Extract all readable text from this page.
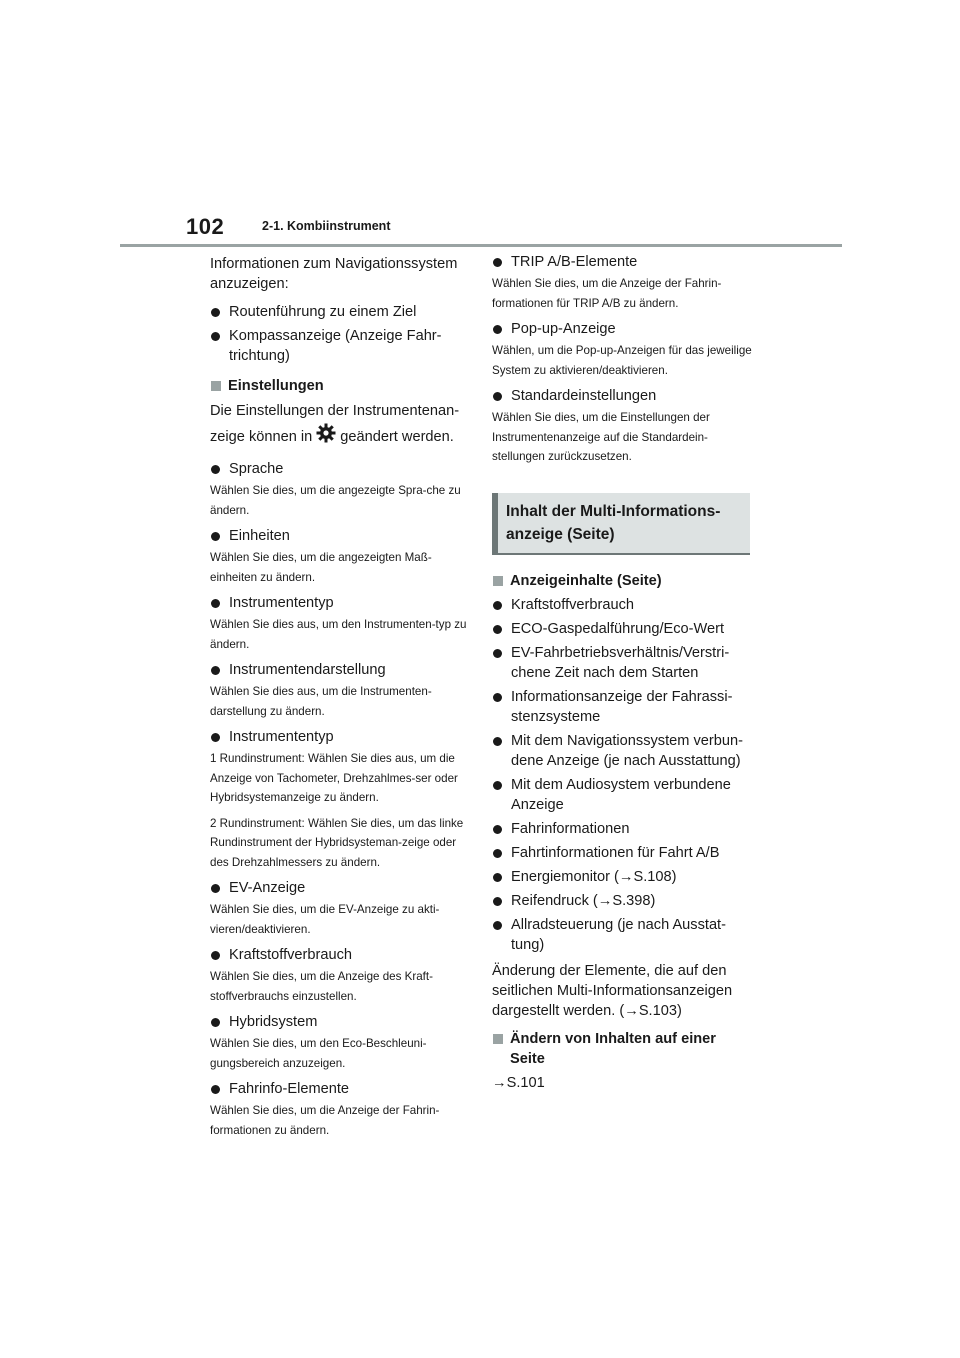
102	2-1. Kombiinstrument

Informationen zum Navigationssystem anzuzeigen:

Routenführung zu einem Ziel
Kompassanzeige (Anzeige Fahr-trichtung)
Einstellungen

Die Einstellungen der Instrumentenan-zeige können in geändert werden.

Sprache

Wählen Sie dies, um die angezeigte Spra-che zu ändern.

Einheiten

Wählen Sie dies, um die angezeigten Maß-einheiten zu ändern.

Instrumententyp

Wählen Sie dies aus, um den Instrumenten-typ zu ändern.

Instrumentendarstellung

Wählen Sie dies aus, um die Instrumenten-darstellung zu ändern.

Instrumententyp

1 Rundinstrument: Wählen Sie dies aus, um die Anzeige von Tachometer, Drehzahlmes-ser oder Hybridsystemanzeige zu ändern.

2 Rundinstrument: Wählen Sie dies, um das linke Rundinstrument der Hybridsysteman-zeige oder des Drehzahlmessers zu ändern.

EV-Anzeige

Wählen Sie dies, um die EV-Anzeige zu akti-vieren/deaktivieren.

Kraftstoffverbrauch

Wählen Sie dies, um die Anzeige des Kraft-stoffverbrauchs einzustellen.

Hybridsystem

Wählen Sie dies, um den Eco-Beschleuni-gungsbereich anzuzeigen.

Fahrinfo-Elemente

Wählen Sie dies, um die Anzeige der Fahrin-formationen zu ändern.

TRIP A/B-Elemente

Wählen Sie dies, um die Anzeige der Fahrin-formationen für TRIP A/B zu ändern.

Pop-up-Anzeige

Wählen, um die Pop-up-Anzeigen für das jeweilige System zu aktivieren/deaktivieren.

Standardeinstellungen

Wählen Sie dies, um die Einstellungen der Instrumentenanzeige auf die Standardein-stellungen zurückzusetzen.

Inhalt der Multi-Informations-anzeige (Seite)
Anzeigeinhalte (Seite)
Kraftstoffverbrauch
ECO-Gaspedalführung/Eco-Wert
EV-Fahrbetriebsverhältnis/Verstri-chene Zeit nach dem Starten
Informationsanzeige der Fahrassi-stenzsysteme
Mit dem Navigationssystem verbun-dene Anzeige (je nach Ausstattung)
Mit dem Audiosystem verbundene Anzeige
Fahrinformationen
Fahrtinformationen für Fahrt A/B
Energiemonitor (→S.108)
Reifendruck (→S.398)
Allradsteuerung (je nach Ausstat-tung)

Änderung der Elemente, die auf den seitlichen Multi-Informationsanzeigen dargestellt werden. (→S.103)

Ändern von Inhalten auf einer Seite

→S.101
